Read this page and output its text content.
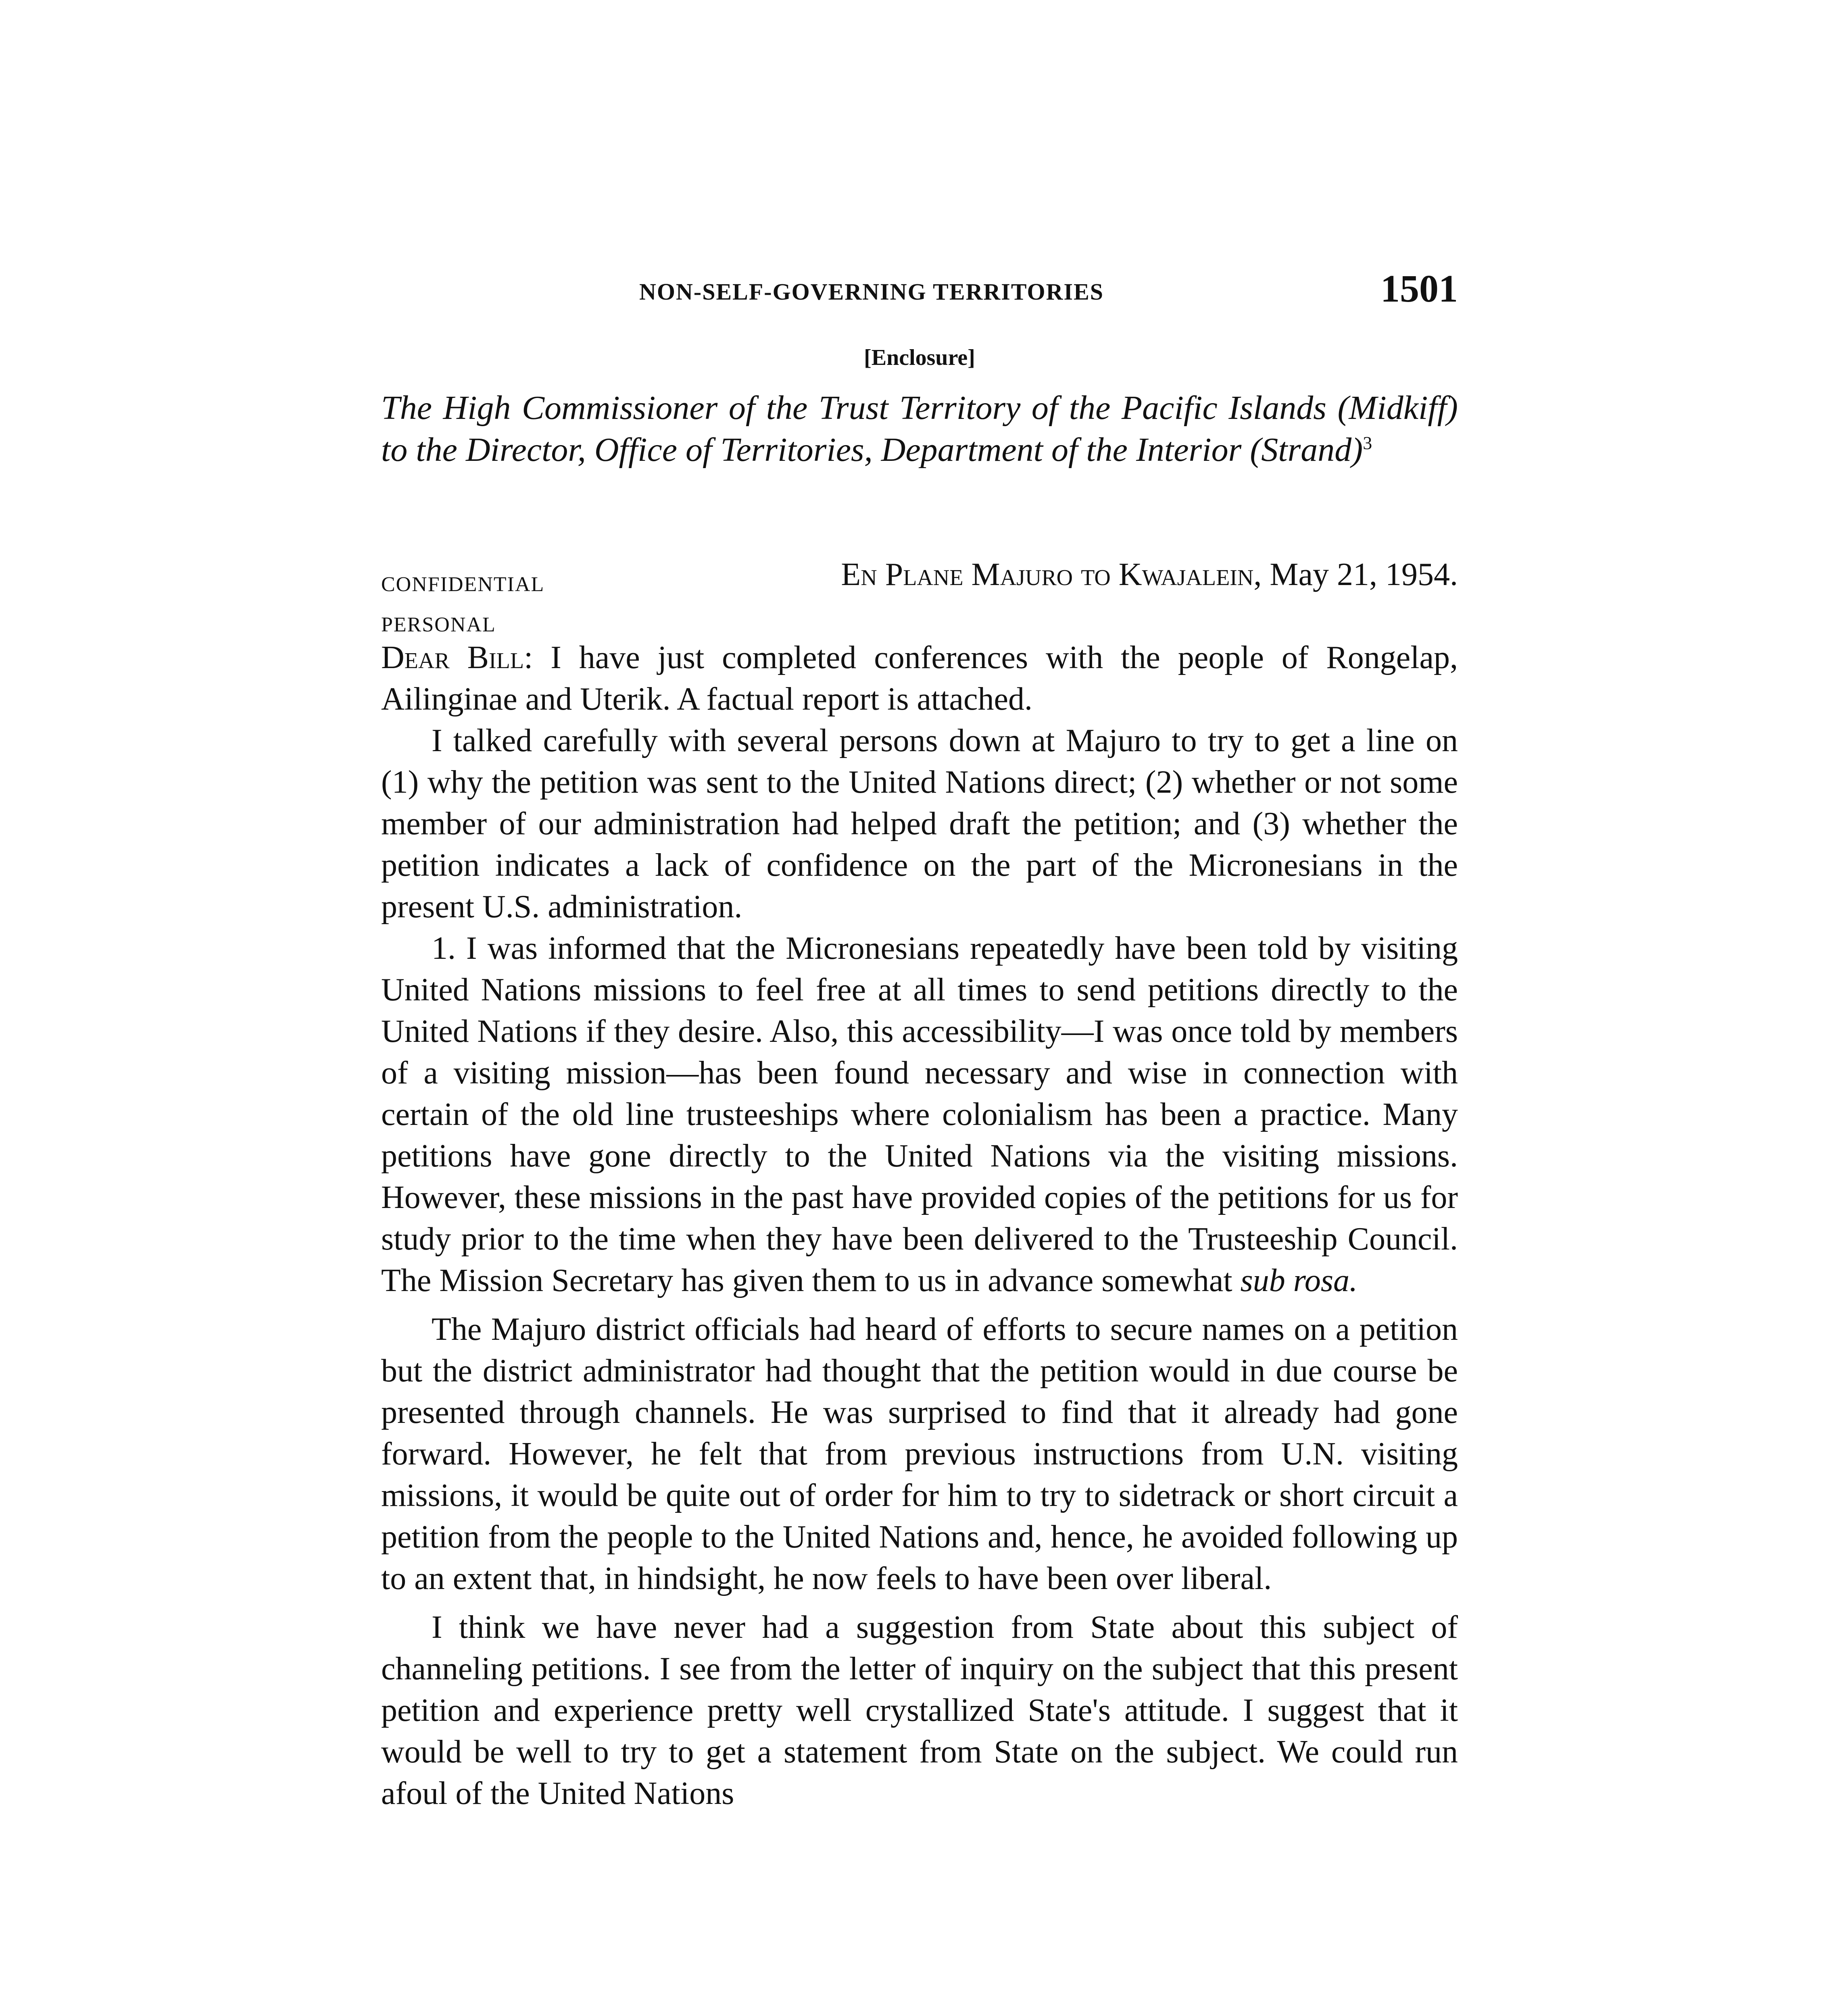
NON-SELF-GOVERNING TERRITORIES	1501
[Enclosure]
The High Commissioner of the Trust Territory of the Pacific Islands (Midkiff) to the Director, Office of Territories, Department of the Interior (Strand)$^3$
CONFIDENTIAL
PERSONAL
En Plane Majuro to Kwajalein, May 21, 1954.

Dear Bill: I have just completed conferences with the people of Rongelap, Ailinginae and Uterik. A factual report is attached.

I talked carefully with several persons down at Majuro to try to get a line on (1) why the petition was sent to the United Nations direct; (2) whether or not some member of our administration had helped draft the petition; and (3) whether the petition indicates a lack of confidence on the part of the Micronesians in the present U.S. administration.

1. I was informed that the Micronesians repeatedly have been told by visiting United Nations missions to feel free at all times to send petitions directly to the United Nations if they desire. Also, this accessibility—I was once told by members of a visiting mission—has been found necessary and wise in connection with certain of the old line trusteeships where colonialism has been a practice. Many petitions have gone directly to the United Nations via the visiting missions. However, these missions in the past have provided copies of the petitions for us for study prior to the time when they have been delivered to the Trusteeship Council. The Mission Secretary has given them to us in advance somewhat sub rosa.

The Majuro district officials had heard of efforts to secure names on a petition but the district administrator had thought that the petition would in due course be presented through channels. He was surprised to find that it already had gone forward. However, he felt that from previous instructions from U.N. visiting missions, it would be quite out of order for him to try to sidetrack or short circuit a petition from the people to the United Nations and, hence, he avoided following up to an extent that, in hindsight, he now feels to have been over liberal.

I think we have never had a suggestion from State about this subject of channeling petitions. I see from the letter of inquiry on the subject that this present petition and experience pretty well crystallized State's attitude. I suggest that it would be well to try to get a statement from State on the subject. We could run afoul of the United Nations
